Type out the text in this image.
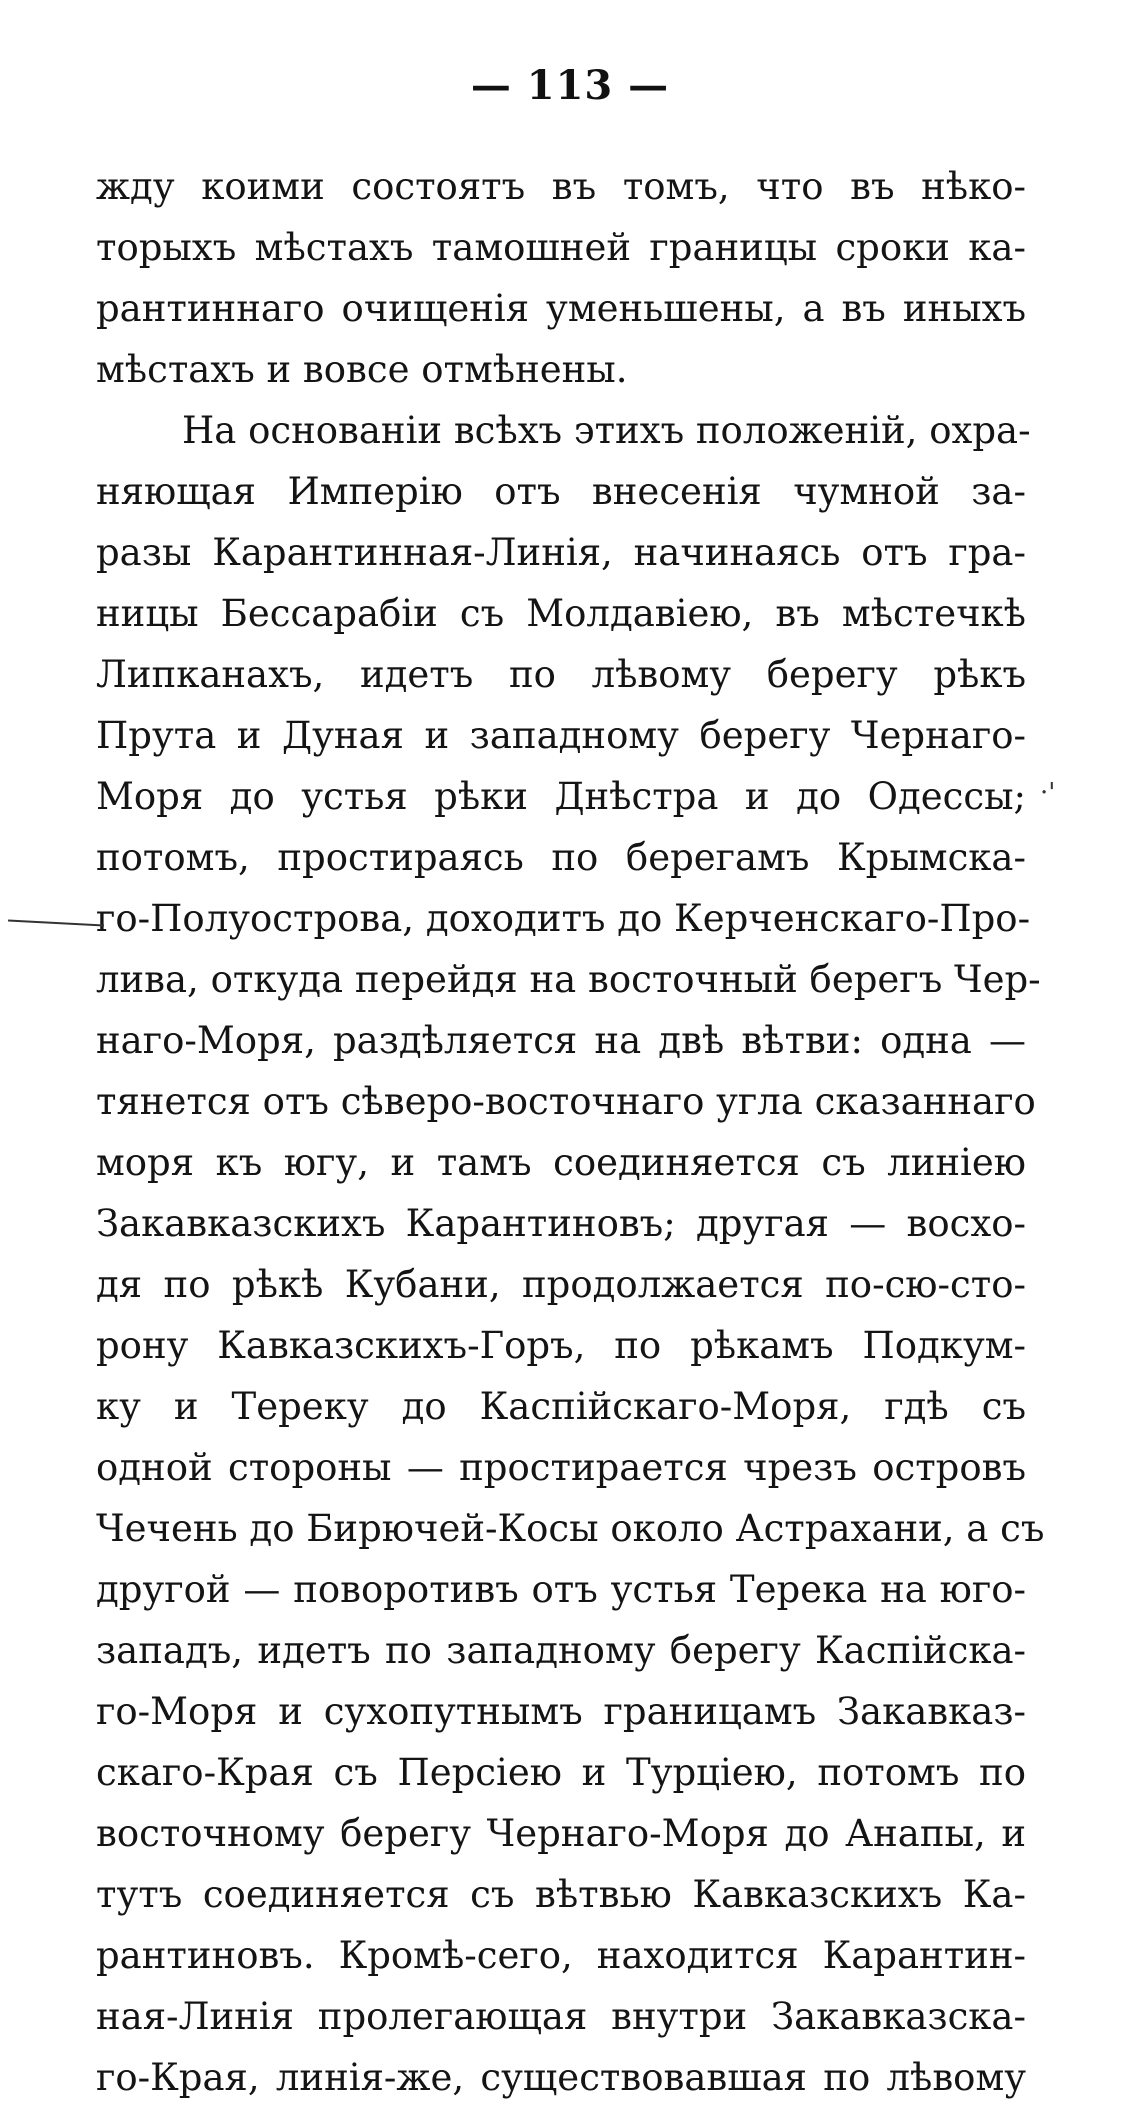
— 113 —
жду коими состоятъ въ томъ, что въ нѣко-
торыхъ мѣстахъ тамошней границы сроки ка-
рантиннаго очищенія уменьшены, а въ иныхъ
мѣстахъ и вовсе отмѣнены.
На основаніи всѣхъ этихъ положеній, охра-
няющая Имперію отъ внесенія чумной за-
разы Карантинная-Линія, начинаясь отъ гра-
ницы Бессарабіи съ Молдавіею, въ мѣстечкѣ
Липканахъ, идетъ по лѣвому берегу рѣкъ
Прута и Дуная и западному берегу Чернаго-
Моря до устья рѣки Днѣстра и до Одессы;
потомъ, простираясь по берегамъ Крымска-
го-Полуострова, доходитъ до Керченскаго-Про-
лива, откуда перейдя на восточный берегъ Чер-
наго-Моря, раздѣляется на двѣ вѣтви: одна —
тянется отъ сѣверо-восточнаго угла сказаннаго
моря къ югу, и тамъ соединяется съ линіею
Закавказскихъ Карантиновъ; другая — восхо-
дя по рѣкѣ Кубани, продолжается по-сю-сто-
рону Кавказскихъ-Горъ, по рѣкамъ Подкум-
ку и Тереку до Каспійскаго-Моря, гдѣ съ
одной стороны — простирается чрезъ островъ
Чечень до Бирючей-Косы около Астрахани, а съ
другой — поворотивъ отъ устья Терека на юго-
западъ, идетъ по западному берегу Каспійска-
го-Моря и сухопутнымъ границамъ Закавказ-
скаго-Края съ Персіею и Турціею, потомъ по
восточному берегу Чернаго-Моря до Анапы, и
тутъ соединяется съ вѣтвью Кавказскихъ Ка-
рантиновъ. Кромѣ-сего, находится Карантин-
ная-Линія пролегающая внутри Закавказска-
го-Края, линія-же, существовавшая по лѣвому
·'
